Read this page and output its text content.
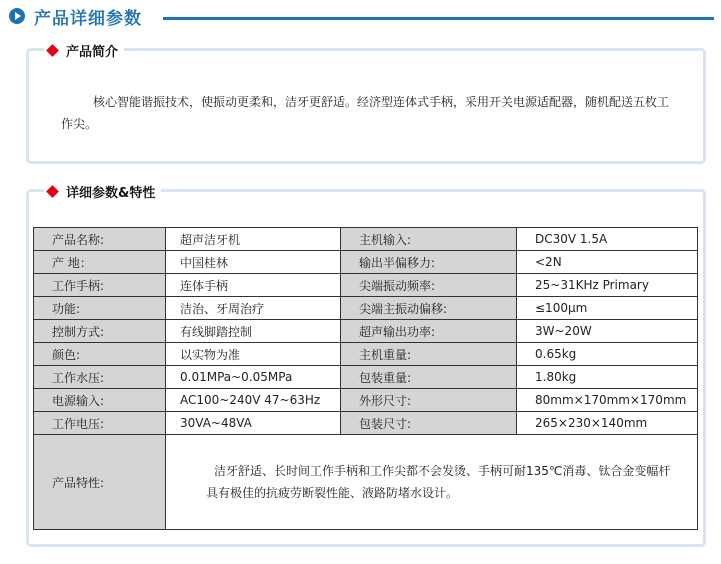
产品详细参数
产品简介
核心智能谐振技术，使振动更柔和，洁牙更舒适。经济型连体式手柄，采用开关电源适配器，随机配送五枚工作尖。
详细参数&特性
产品名称:	超声洁牙机	主机输入:	DC30V 1.5A
产 地：	中国桂林	输出半偏移力:	<2N
工作手柄:	连体手柄	尖端振动频率:	25~31KHz Primary
功能:	洁治、牙周治疗	尖端主振动偏移:	≤100μm
控制方式:	有线脚踏控制	超声输出功率:	3W~20W
颜色:	以实物为准	主机重量:	0.65kg
工作水压:	0.01MPa~0.05MPa	包装重量:	1.80kg
电源输入:	AC100~240V 47~63Hz	外形尺寸:	80mm×170mm×170mm
工作电压:	30VA~48VA	包装尺寸:	265×230×140mm
产品特性:	洁牙舒适、长时间工作手柄和工作尖都不会发烫、手柄可耐135℃消毒、钛合金变幅杆具有极佳的抗疲劳断裂性能、液路防堵水设计。		
